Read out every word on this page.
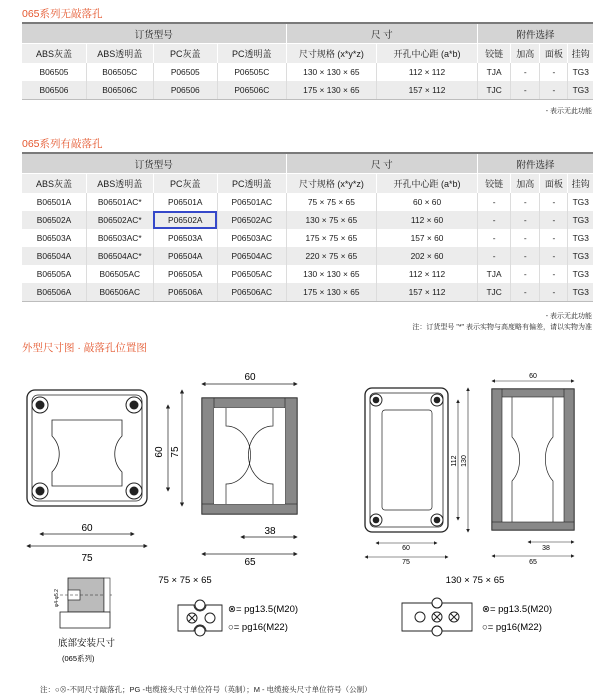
065系列无敲落孔
订货型号				尺 寸		附件选择			
ABS灰盖	ABS透明盖	PC灰盖	PC透明盖	尺寸规格 (x*y*z)	开孔中心距 (a*b)	铰链	加高	面板	挂钩
B06505	B06505C	P06505	P06505C	130 × 130 × 65	112 × 112	TJA	-	-	TG3
B06506	B06506C	P06506	P06506C	175 × 130 × 65	157 × 112	TJC	-	-	TG3
- 表示无此功能
065系列有敲落孔
订货型号				尺 寸		附件选择			
ABS灰盖	ABS透明盖	PC灰盖	PC透明盖	尺寸规格 (x*y*z)	开孔中心距 (a*b)	铰链	加高	面板	挂钩
B06501A	B06501AC*	P06501A	P06501AC	75 × 75 × 65	60 × 60	-	-	-	TG3
B06502A	B06502AC*	P06502A	P06502AC	130 × 75 × 65	112 × 60	-	-	-	TG3
B06503A	B06503AC*	P06503A	P06503AC	175 × 75 × 65	157 × 60	-	-	-	TG3
B06504A	B06504AC*	P06504A	P06504AC	220 × 75 × 65	202 × 60	-	-	-	TG3
B06505A	B06505AC	P06505A	P06505AC	130 × 130 × 65	112 × 112	TJA	-	-	TG3
B06506A	B06506AC	P06506A	P06506AC	175 × 130 × 65	157 × 112	TJC	-	-	TG3
- 表示无此功能
注：订货型号 "*" 表示实物与高度略有偏差，请以实物为准
外型尺寸图 · 敲落孔位置图
60
75
60 75
60
38
65
75 × 75 × 65
60
75
112 130
60
38
65
130 × 75 × 65
⊗= pg13.5(M20)
○= pg16(M22)
⊗= pg13.5(M20)
○= pg16(M22)
φ4-φ5.2
底部安装尺寸
(065系列)
注：○⊗-不同尺寸敲落孔；PG -电缆接头尺寸单位符号（英制）；M - 电缆接头尺寸单位符号（公制）
